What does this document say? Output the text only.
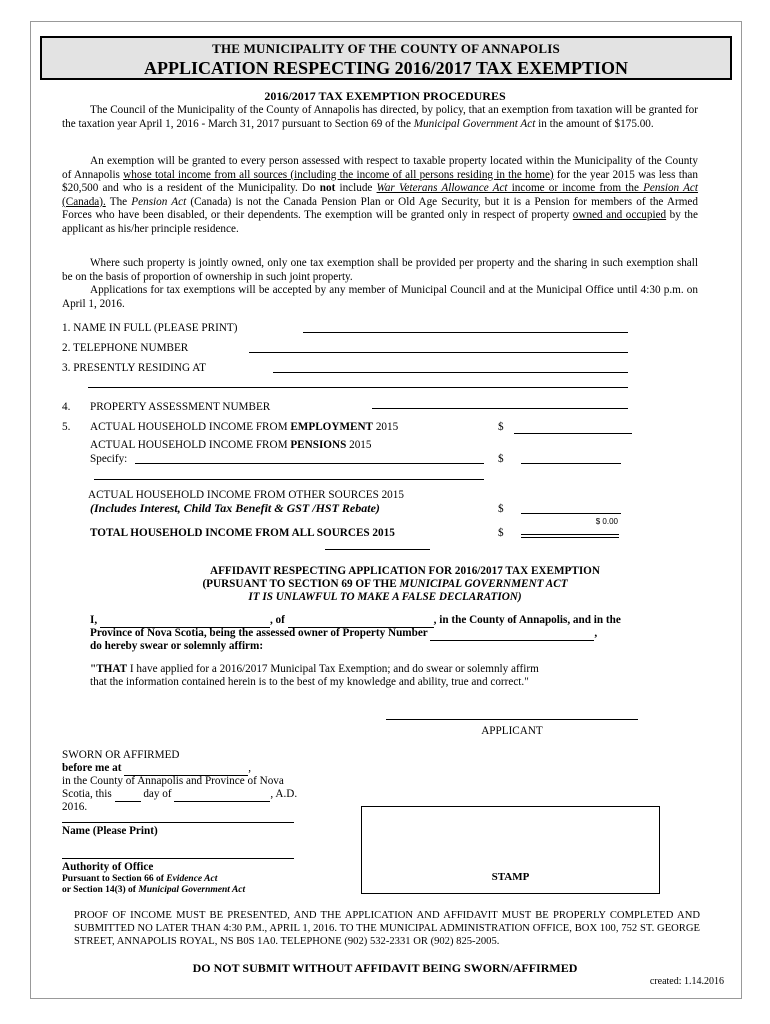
THE MUNICIPALITY OF THE COUNTY OF ANNAPOLIS
APPLICATION RESPECTING 2016/2017 TAX EXEMPTION
2016/2017 TAX EXEMPTION PROCEDURES
The Council of the Municipality of the County of Annapolis has directed, by policy, that an exemption from taxation will be granted for the taxation year April 1, 2016 - March 31, 2017 pursuant to Section 69 of the Municipal Government Act in the amount of $175.00.
An exemption will be granted to every person assessed with respect to taxable property located within the Municipality of the County of Annapolis whose total income from all sources (including the income of all persons residing in the home) for the year 2015 was less than $20,500 and who is a resident of the Municipality. Do not include War Veterans Allowance Act income or income from the Pension Act (Canada). The Pension Act (Canada) is not the Canada Pension Plan or Old Age Security, but it is a Pension for members of the Armed Forces who have been disabled, or their dependents. The exemption will be granted only in respect of property owned and occupied by the applicant as his/her principle residence.
Where such property is jointly owned, only one tax exemption shall be provided per property and the sharing in such exemption shall be on the basis of proportion of ownership in such joint property.
Applications for tax exemptions will be accepted by any member of Municipal Council and at the Municipal Office until 4:30 p.m. on April 1, 2016.
1. NAME IN FULL (PLEASE PRINT)
2. TELEPHONE NUMBER
3. PRESENTLY RESIDING AT
4. PROPERTY ASSESSMENT NUMBER
5. ACTUAL HOUSEHOLD INCOME FROM EMPLOYMENT 2015	$
ACTUAL HOUSEHOLD INCOME FROM PENSIONS 2015
Specify:	$
ACTUAL HOUSEHOLD INCOME FROM OTHER SOURCES 2015
(Includes Interest, Child Tax Benefit & GST /HST Rebate)	$
TOTAL HOUSEHOLD INCOME FROM ALL SOURCES 2015	$
$ 0.00
AFFIDAVIT RESPECTING APPLICATION FOR 2016/2017 TAX EXEMPTION
(PURSUANT TO SECTION 69 OF THE MUNICIPAL GOVERNMENT ACT
IT IS UNLAWFUL TO MAKE A FALSE DECLARATION)
I,	, of	, in the County of Annapolis, and in the
Province of Nova Scotia, being the assessed owner of Property Number	,
do hereby swear or solemnly affirm:
"THAT I have applied for a 2016/2017 Municipal Tax Exemption; and do swear or solemnly affirm
that the information contained herein is to the best of my knowledge and ability, true and correct."
APPLICANT
SWORN OR AFFIRMED
before me at	,
in the County of Annapolis and Province of Nova
Scotia, this   day of	, A.D.
2016.
Name (Please Print)
Authority of Office
Pursuant to Section 66 of Evidence Act
or Section 14(3) of Municipal Government Act
STAMP
PROOF OF INCOME MUST BE PRESENTED, AND THE APPLICATION AND AFFIDAVIT MUST BE PROPERLY COMPLETED AND SUBMITTED NO LATER THAN 4:30 P.M., APRIL 1, 2016. TO THE MUNICIPAL ADMINISTRATION OFFICE, BOX 100, 752 ST. GEORGE STREET, ANNAPOLIS ROYAL, NS B0S 1A0. TELEPHONE (902) 532-2331 OR (902) 825-2005.
DO NOT SUBMIT WITHOUT AFFIDAVIT BEING SWORN/AFFIRMED
created: 1.14.2016
